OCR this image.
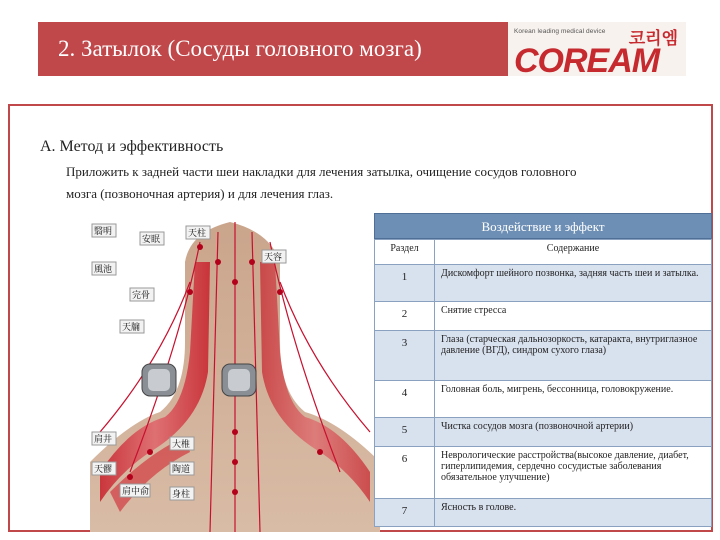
2. Затылок (Сосуды головного мозга)
Korean leading medical device 코리엠
COREAM
А. Метод и эффективность
Приложить к задней части шеи накладки для лечения затылка, очищение сосудов головного мозга (позвоночная артерия) и для лечения глаз.
翳明
風池
安眠
天柱
完骨
天牖
天容
大椎
肩井
天髎
肩中俞
陶道
身柱
Воздействие и эффект
Раздел	Содержание
1	Дискомфорт шейного позвонка, задняя часть шеи и затылка.
2	Снятие стресса
3	Глаза (старческая дальнозоркость, катаракта, внутриглазное давление (ВГД), синдром сухого глаза)
4	Головная боль, мигрень, бессонница, головокружение.
5	Чистка сосудов мозга (позвоночной артерии)
6	Неврологические расстройства(высокое давление, диабет, гиперлипидемия, сердечно сосудистые заболевания обязательное улучшение)
7	Ясность в голове.
